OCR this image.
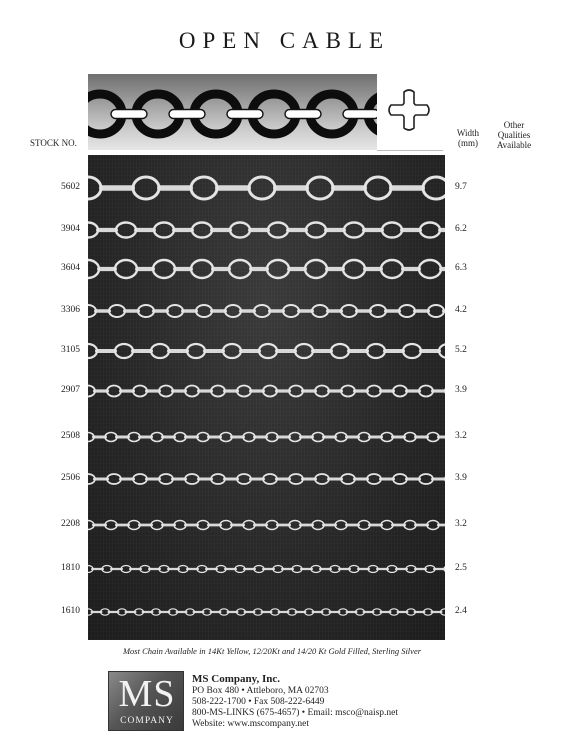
OPEN CABLE
STOCK NO.
Width
(mm)
Other
Qualities
Available
5602	9.7
3904	6.2
3604	6.3
3306	4.2
3105	5.2
2907	3.9
2508	3.2
2506	3.9
2208	3.2
1810	2.5
1610	2.4
Most Chain Available in 14Kt Yellow, 12/20Kt and 14/20 Kt Gold Filled, Sterling Silver
MS
COMPANY
MS Company, Inc.
PO Box 480 • Attleboro, MA 02703
508-222-1700 • Fax 508-222-6449
800-MS-LINKS (675-4657) • Email: msco@naisp.net
Website: www.mscompany.net
